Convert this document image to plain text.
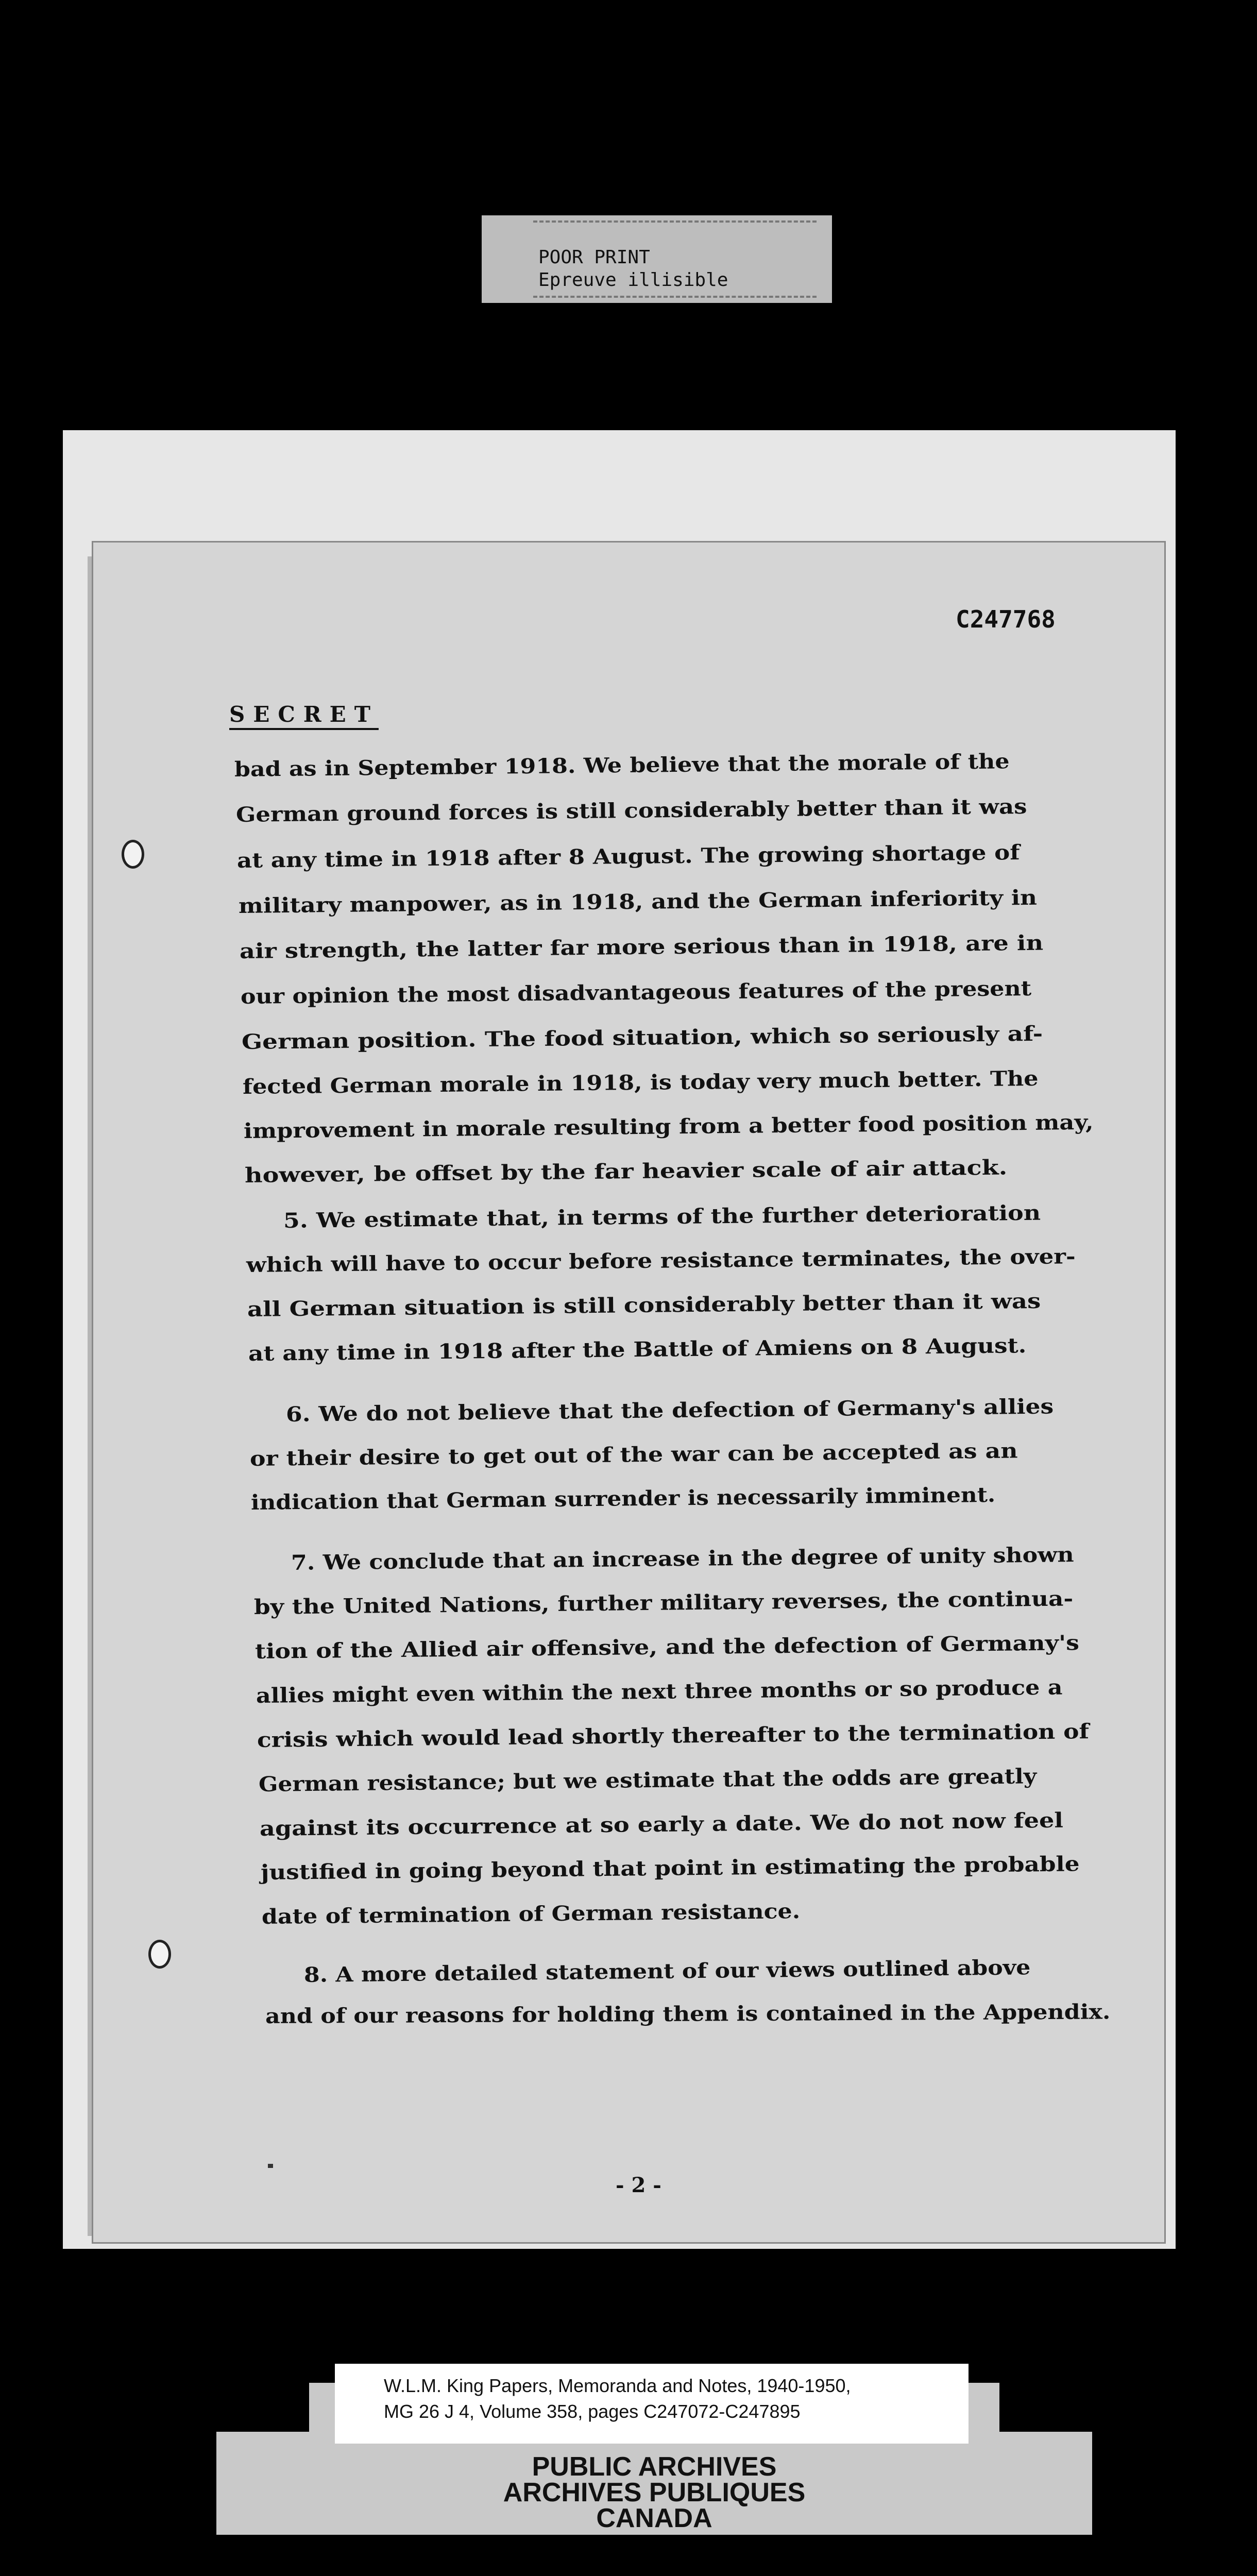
POOR PRINT
Epreuve illisible
C247768
SECRET
bad as in September 1918. We believe that the morale of the
German ground forces is still considerably better than it was
at any time in 1918 after 8 August. The growing shortage of
military manpower, as in 1918, and the German inferiority in
air strength, the latter far more serious than in 1918, are in
our opinion the most disadvantageous features of the present
German position. The food situation, which so seriously af-
fected German morale in 1918, is today very much better. The
improvement in morale resulting from a better food position may,
however, be offset by the far heavier scale of air attack.
5. We estimate that, in terms of the further deterioration
which will have to occur before resistance terminates, the over-
all German situation is still considerably better than it was
at any time in 1918 after the Battle of Amiens on 8 August.
6. We do not believe that the defection of Germany's allies
or their desire to get out of the war can be accepted as an
indication that German surrender is necessarily imminent.
7. We conclude that an increase in the degree of unity shown
by the United Nations, further military reverses, the continua-
tion of the Allied air offensive, and the defection of Germany's
allies might even within the next three months or so produce a
crisis which would lead shortly thereafter to the termination of
German resistance; but we estimate that the odds are greatly
against its occurrence at so early a date. We do not now feel
justified in going beyond that point in estimating the probable
date of termination of German resistance.
8. A more detailed statement of our views outlined above
and of our reasons for holding them is contained in the Appendix.
- 2 -
W.L.M. King Papers, Memoranda and Notes, 1940-1950,
MG 26 J 4, Volume 358, pages C247072-C247895
PUBLIC ARCHIVES
ARCHIVES PUBLIQUES
CANADA
